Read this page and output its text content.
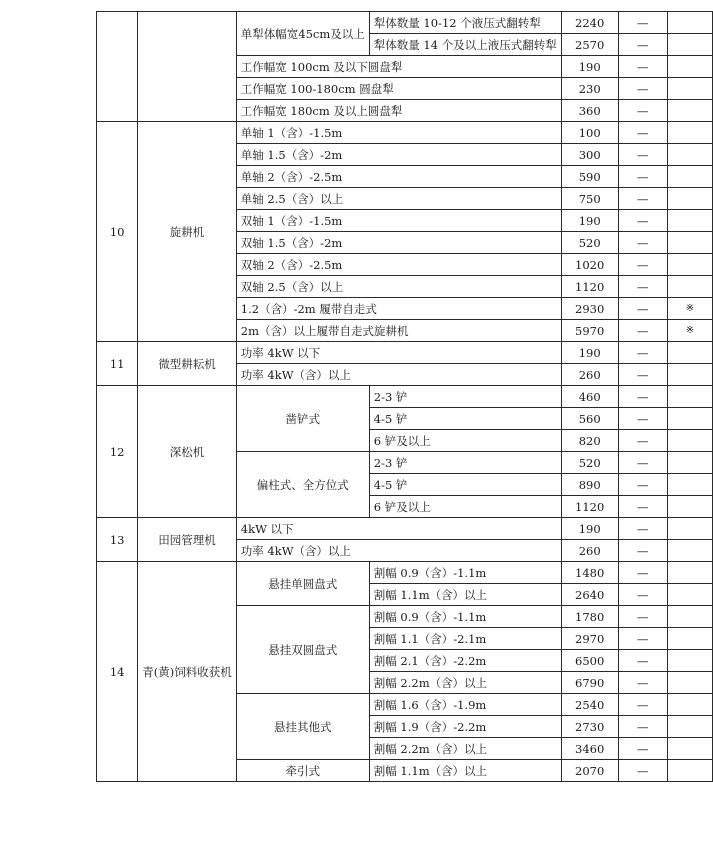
		单犁体幅宽45cm及以上	犁体数量 10-12 个液压式翻转犁	2240	—	
			犁体数量 14 个及以上液压式翻转犁	2570	—	
		工作幅宽 100cm 及以下圆盘犁		190	—	
		工作幅宽 100-180cm 圆盘犁		230	—	
		工作幅宽 180cm 及以上圆盘犁		360	—	
10	旋耕机	单轴 1（含）-1.5m		100	—	
		单轴 1.5（含）-2m		300	—	
		单轴 2（含）-2.5m		590	—	
		单轴 2.5（含）以上		750	—	
		双轴 1（含）-1.5m		190	—	
		双轴 1.5（含）-2m		520	—	
		双轴 2（含）-2.5m		1020	—	
		双轴 2.5（含）以上		1120	—	
		1.2（含）-2m 履带自走式		2930	—	※
		2m（含）以上履带自走式旋耕机		5970	—	※
11	微型耕耘机	功率 4kW 以下		190	—	
		功率 4kW（含）以上		260	—	
12	深松机	凿铲式	2-3 铲	460	—	
			4-5 铲	560	—	
			6 铲及以上	820	—	
		偏柱式、全方位式	2-3 铲	520	—	
			4-5 铲	890	—	
			6 铲及以上	1120	—	
13	田园管理机	4kW 以下		190	—	
		功率 4kW（含）以上		260	—	
14	青(黄)饲料收获机	悬挂单圆盘式	割幅 0.9（含）-1.1m	1480	—	
			割幅 1.1m（含）以上	2640	—	
		悬挂双圆盘式	割幅 0.9（含）-1.1m	1780	—	
			割幅 1.1（含）-2.1m	2970	—	
			割幅 2.1（含）-2.2m	6500	—	
			割幅 2.2m（含）以上	6790	—	
		悬挂其他式	割幅 1.6（含）-1.9m	2540	—	
			割幅 1.9（含）-2.2m	2730	—	
			割幅 2.2m（含）以上	3460	—	
		牵引式	割幅 1.1m（含）以上	2070	—	
